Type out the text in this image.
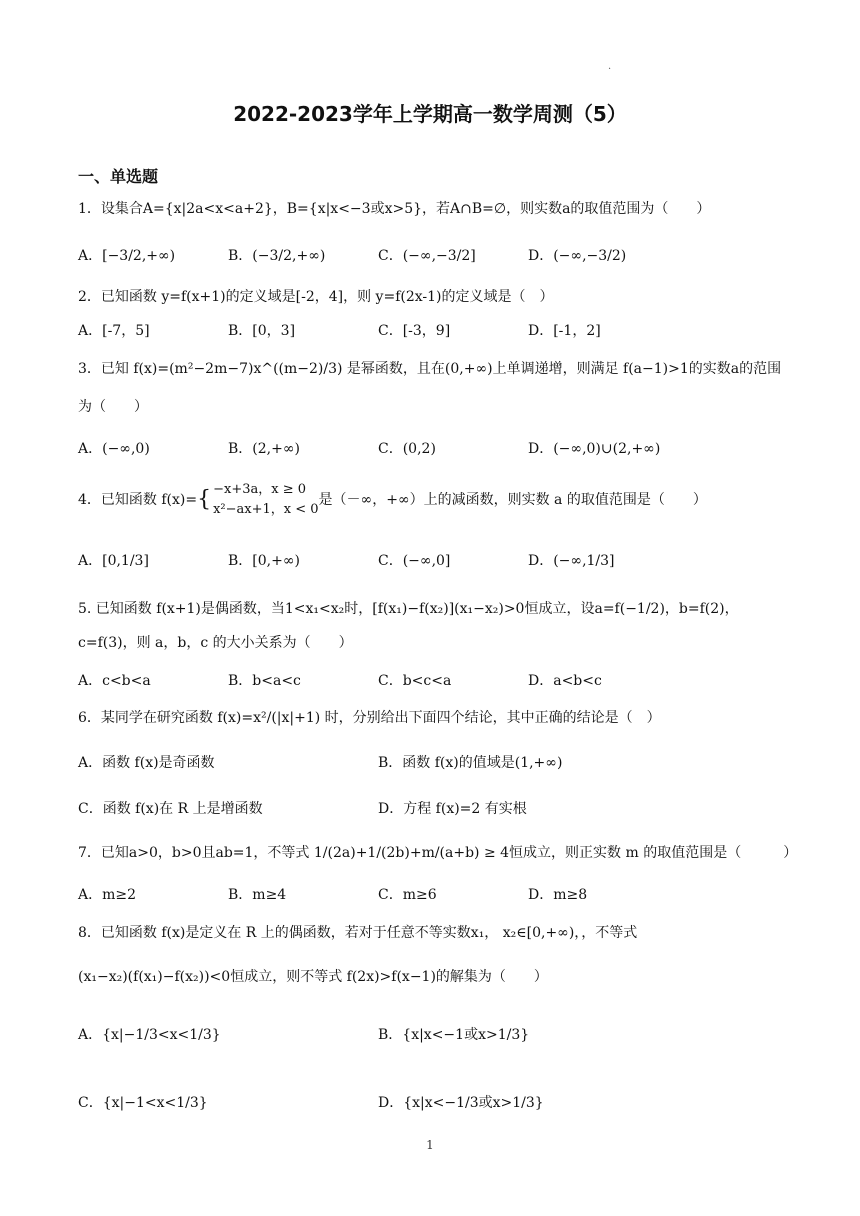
·
2022-2023学年上学期高一数学周测（5）
一、单选题
1．设集合A={x|2a<x<a+2}，B={x|x<−3或x>5}，若A∩B=∅，则实数a的取值范围为（　　）
A．[−3/2,+∞)	B．(−3/2,+∞)	C．(−∞,−3/2]	D．(−∞,−3/2)
2．已知函数 y=f(x+1)的定义域是[-2，4]，则 y=f(2x-1)的定义域是（　）
A．[-7，5]	B．[0，3]	C．[-3，9]	D．[-1，2]
3．已知 f(x)=(m²−2m−7)x^((m−2)/3) 是幂函数，且在(0,+∞)上单调递增，则满足 f(a−1)>1的实数a的范围
为（　　）
A．(−∞,0)	B．(2,+∞)	C．(0,2)	D．(−∞,0)∪(2,+∞)
4．已知函数 f(x)= { −x+3a，x ≥ 0
x²−ax+1，x < 0
是（－∞，+∞）上的减函数，则实数 a 的取值范围是（　　）
A．[0,1/3]	B．[0,+∞)	C．(−∞,0]	D．(−∞,1/3]
5. 已知函数 f(x+1)是偶函数，当1<x₁<x₂时，[f(x₁)−f(x₂)](x₁−x₂)>0恒成立，设a=f(−1/2)，b=f(2)，
c=f(3)，则 a，b，c 的大小关系为（　　）
A．c<b<a	B．b<a<c	C．b<c<a	D．a<b<c
6．某同学在研究函数 f(x)=x²/(|x|+1) 时，分别给出下面四个结论，其中正确的结论是（　）
A．函数 f(x)是奇函数	B．函数 f(x)的值域是(1,+∞)
C．函数 f(x)在 R 上是增函数	D．方程 f(x)=2 有实根
7．已知a>0，b>0且ab=1，不等式 1/(2a)+1/(2b)+m/(a+b) ≥ 4恒成立，则正实数 m 的取值范围是（　　　）
A．m≥2	B．m≥4	C．m≥6	D．m≥8
8．已知函数 f(x)是定义在 R 上的偶函数，若对于任意不等实数x₁， x₂∈[0,+∞)，，不等式
(x₁−x₂)(f(x₁)−f(x₂))<0恒成立，则不等式 f(2x)>f(x−1)的解集为（　　）
A．{x|−1/3<x<1/3}	B．{x|x<−1或x>1/3}
C．{x|−1<x<1/3}	D．{x|x<−1/3或x>1/3}
1
